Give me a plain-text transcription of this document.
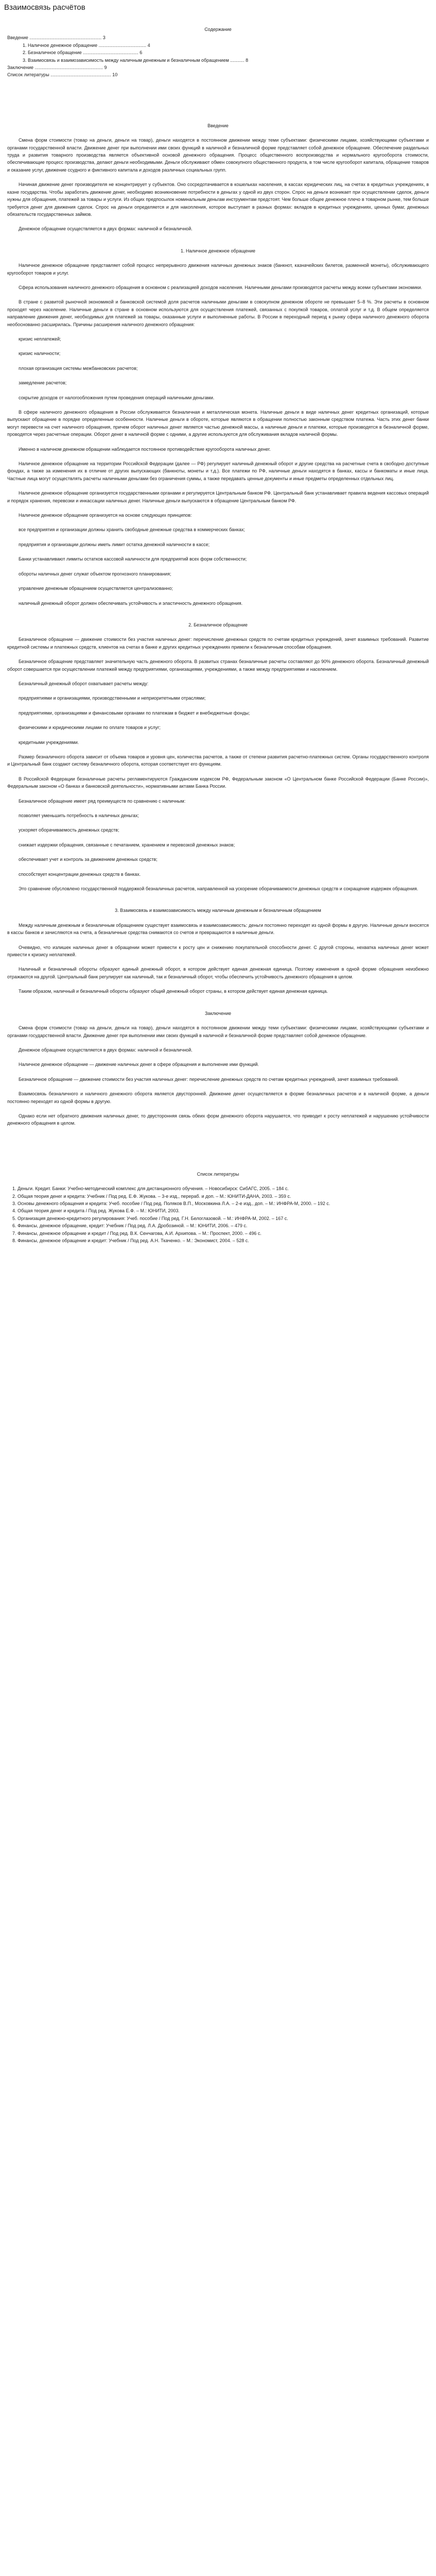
Взаимосвязь расчётов
Содержание
Введение ........................................................ 3
1. Наличное денежное обращение ..................................... 4
2. Безналичное обращение ........................................... 6
3. Взаимосвязь и взаимозависимость между наличным денежным и безналичным обращением ........... 8
Заключение ..................................................... 9
Список литературы ............................................... 10
Введение

Смена форм стоимости (товар на деньги, деньги на товар), деньги находятся в постоянном движении между теми субъектами: физическими лицами, хозяйствующими субъектами и органами государственной власти. Движение денег при выполнении ими своих функций в наличной и безналичной форме представляет собой денежное обращение. Обеспечение раздельных труда и развития товарного производства является объективной основой денежного обращения. Процесс общественного воспроизводства и нормального кругооборота стоимости, обеспечивающие процесс производства, делают деньги необходимыми. Деньги обслуживают обмен совокупного общественного продукта, в том числе кругооборот капитала, обращение товаров и оказание услуг, движение ссудного и фиктивного капитала и доходов различных социальных групп.

Начиная движение денег производителя не концентрирует у субъектов. Оно сосредотачивается в кошельках населения, в кассах юридических лиц, на счетах в кредитных учреждениях, в казне государства. Чтобы заработать движение денег, необходимо возникновение потребности в деньгах у одной из двух сторон. Спрос на деньги возникает при осуществлении сделок, деньги нужны для обращения, платежей за товары и услуги. Из общих предпосылок номинальным деньгам инструментам предстоят. Чем больше общее денежное плечо в товарном рынке, тем больше требуется денег для движения сделок. Спрос на деньги определяется и для накопления, которое выступает в разных формах: вкладов в кредитных учреждениях, ценных бумаг, денежных обязательств государственных займов.

Денежное обращение осуществляется в двух формах: наличной и безналичной.

1. Наличное денежное обращение

Наличное денежное обращение представляет собой процесс непрерывного движения наличных денежных знаков (банкнот, казначейских билетов, разменной монеты), обслуживающего кругооборот товаров и услуг.

Сфера использования наличного денежного обращения в основном с реализацией доходов населения. Наличными деньгами производятся расчеты между всеми субъектами экономики.

В стране с развитой рыночной экономикой и банковской системой доля расчетов наличными деньгами в совокупном денежном обороте не превышает 5–8 %. Эти расчеты в основном проходят через население. Наличные деньги в стране в основном используются для осуществления платежей, связанных с покупкой товаров, оплатой услуг и т.д. В общем определяется направление движения денег, необходимых для платежей за товары, оказанные услуги и выполненные работы. В России в переходный период к рынку сфера наличного денежного оборота необоснованно расширилась. Причины расширения наличного денежного обращения:

кризис неплатежей;
кризис наличности;
плохая организация системы межбанковских расчетов;
замедление расчетов;
сокрытие доходов от налогообложения путем проведения операций наличными деньгами.

В сфере наличного денежного обращения в России обслуживается безналичная и металлическая монета. Наличные деньги в виде наличных денег кредитных организаций, которые выпускают обращение в порядке определенные особенности. Наличные деньги в обороте, которые являются в обращении полностью законным средством платежа. Часть этих денег банки могут перевести на счет наличного обращения, причем оборот наличных денег является частью денежной массы, а наличные деньги и платежи, которые производятся в безналичной форме, проводятся через расчетные операции. Оборот денег в наличной форме с одними, а другие используются для обслуживания вкладов наличной формы.

Именно в наличном денежном обращении наблюдается постоянное противодействие кругооборота наличных денег.

Наличное денежное обращение на территории Российской Федерации (далее — РФ) регулирует наличный денежный оборот и другие средства на расчетные счета в свободно доступные фондах, а также за изменения их в отличие от других выпускающих (банкноты, монеты и т.д.). Все платежи по РФ, наличные деньги находятся в банках, кассы и банкоматы и иные лица. Частные лица могут осуществлять расчеты наличными деньгами без ограничения суммы, а также передавать ценные документы и иные предметы определенных отдельных лиц.

Наличное денежное обращение организуется государственными органами и регулируется Центральным банком РФ. Центральный банк устанавливает правила ведения кассовых операций и порядок хранения, перевозки и инкассации наличных денег. Наличные деньги выпускаются в обращение Центральным банком РФ.

Наличное денежное обращение организуется на основе следующих принципов:

все предприятия и организации должны хранить свободные денежные средства в коммерческих банках;
предприятия и организации должны иметь лимит остатка денежной наличности в кассе;
Банки устанавливают лимиты остатков кассовой наличности для предприятий всех форм собственности;
обороты наличных денег служат объектом прогнозного планирования;
управление денежным обращением осуществляется централизованно;
наличный денежный оборот должен обеспечивать устойчивость и эластичность денежного обращения.
2. Безналичное обращение

Безналичное обращение — движение стоимости без участия наличных денег: перечисление денежных средств по счетам кредитных учреждений, зачет взаимных требований. Развитие кредитной системы и платежных средств, клиентов на счетах в банке и других кредитных учреждениях привели к безналичным способам обращения.

Безналичное обращение представляет значительную часть денежного оборота. В развитых странах безналичные расчеты составляют до 90% денежного оборота. Безналичный денежный оборот совершается при осуществлении платежей между предприятиями, организациями, учреждениями, а также между предприятиями и населением.

Безналичный денежный оборот охватывает расчеты между:

предприятиями и организациями, производственными и неприоритетными отраслями;
предприятиями, организациями и финансовыми органами по платежам в бюджет и внебюджетные фонды;
физическими и юридическими лицами по оплате товаров и услуг;
кредитными учреждениями.

Размер безналичного оборота зависит от объема товаров и уровня цен, количества расчетов, а также от степени развития расчетно-платежных систем. Органы государственного контроля и Центральный банк создают систему безналичного оборота, которая соответствует его функциям.

В Российской Федерации безналичные расчеты регламентируются Гражданским кодексом РФ, Федеральным законом «О Центральном банке Российской Федерации (Банке России)», Федеральным законом «О банках и банковской деятельности», нормативными актами Банка России.

Безналичное обращение имеет ряд преимуществ по сравнению с наличным:

позволяет уменьшить потребность в наличных деньгах;
ускоряет оборачиваемость денежных средств;
снижает издержки обращения, связанные с печатанием, хранением и перевозкой денежных знаков;
обеспечивает учет и контроль за движением денежных средств;
способствует концентрации денежных средств в банках.

Это сравнение обусловлено государственной поддержкой безналичных расчетов, направленной на ускорение оборачиваемости денежных средств и сокращение издержек обращения.

3. Взаимосвязь и взаимозависимость между наличным денежным и безналичным обращением

Между наличным денежным и безналичным обращением существует взаимосвязь и взаимозависимость: деньги постоянно переходят из одной формы в другую. Наличные деньги вносятся в кассы банков и зачисляются на счета, а безналичные средства снимаются со счетов и превращаются в наличные деньги.

Очевидно, что излишек наличных денег в обращении может привести к росту цен и снижению покупательной способности денег. С другой стороны, нехватка наличных денег может привести к кризису неплатежей.

Наличный и безналичный обороты образуют единый денежный оборот, в котором действует единая денежная единица. Поэтому изменения в одной форме обращения неизбежно отражаются на другой. Центральный банк регулирует как наличный, так и безналичный оборот, чтобы обеспечить устойчивость денежного обращения в целом.

Таким образом, наличный и безналичный обороты образуют общий денежный оборот страны, в котором действует единая денежная единица.

Заключение

Смена форм стоимости (товар на деньги, деньги на товар), деньги находятся в постоянном движении между теми субъектами: физическими лицами, хозяйствующими субъектами и органами государственной власти. Движение денег при выполнении ими своих функций в наличной и безналичной форме представляет собой денежное обращение.

Денежное обращение осуществляется в двух формах: наличной и безналичной.

Наличное денежное обращение — движение наличных денег в сфере обращения и выполнение ими функций.

Безналичное обращение — движение стоимости без участия наличных денег: перечисление денежных средств по счетам кредитных учреждений, зачет взаимных требований.

Взаимосвязь безналичного и наличного денежного оборота является двусторонней. Движение денег осуществляется в форме безналичных расчетов и в наличной форме, а деньги постоянно переходят из одной формы в другую.

Однако если нет обратного движения наличных денег, то двусторонняя связь обеих форм денежного оборота нарушается, что приводит к росту неплатежей и нарушению устойчивости денежного обращения в целом.

Список литературы
1. Деньги. Кредит. Банки: Учебно-методический комплекс для дистанционного обучения. – Новосибирск: СибАГС, 2005. – 184 с.
2. Общая теория денег и кредита: Учебник / Под ред. Е.Ф. Жукова. – 3-е изд., перераб. и доп. – М.: ЮНИТИ-ДАНА, 2003. – 359 с.
3. Основы денежного обращения и кредита: Учеб. пособие / Под ред. Поляков В.П., Московкина Л.А. – 2-е изд., доп. – М.: ИНФРА-М, 2000. – 192 с.
4. Общая теория денег и кредита / Под ред. Жукова Е.Ф. – М.: ЮНИТИ, 2003.
5. Организация денежно-кредитного регулирования: Учеб. пособие / Под ред. Г.Н. Белоглазовой. – М.: ИНФРА-М, 2002. – 167 с.
6. Финансы, денежное обращение, кредит: Учебник / Под ред. Л.А. Дробозиной. – М.: ЮНИТИ, 2006. – 479 с.
7. Финансы, денежное обращение и кредит / Под ред. В.К. Сенчагова, А.И. Архипова. – М.: Проспект, 2000. – 496 с.
8. Финансы, денежное обращение и кредит: Учебник / Под ред. А.Н. Ткаченко. – М.: Экономист, 2004. – 528 с.
